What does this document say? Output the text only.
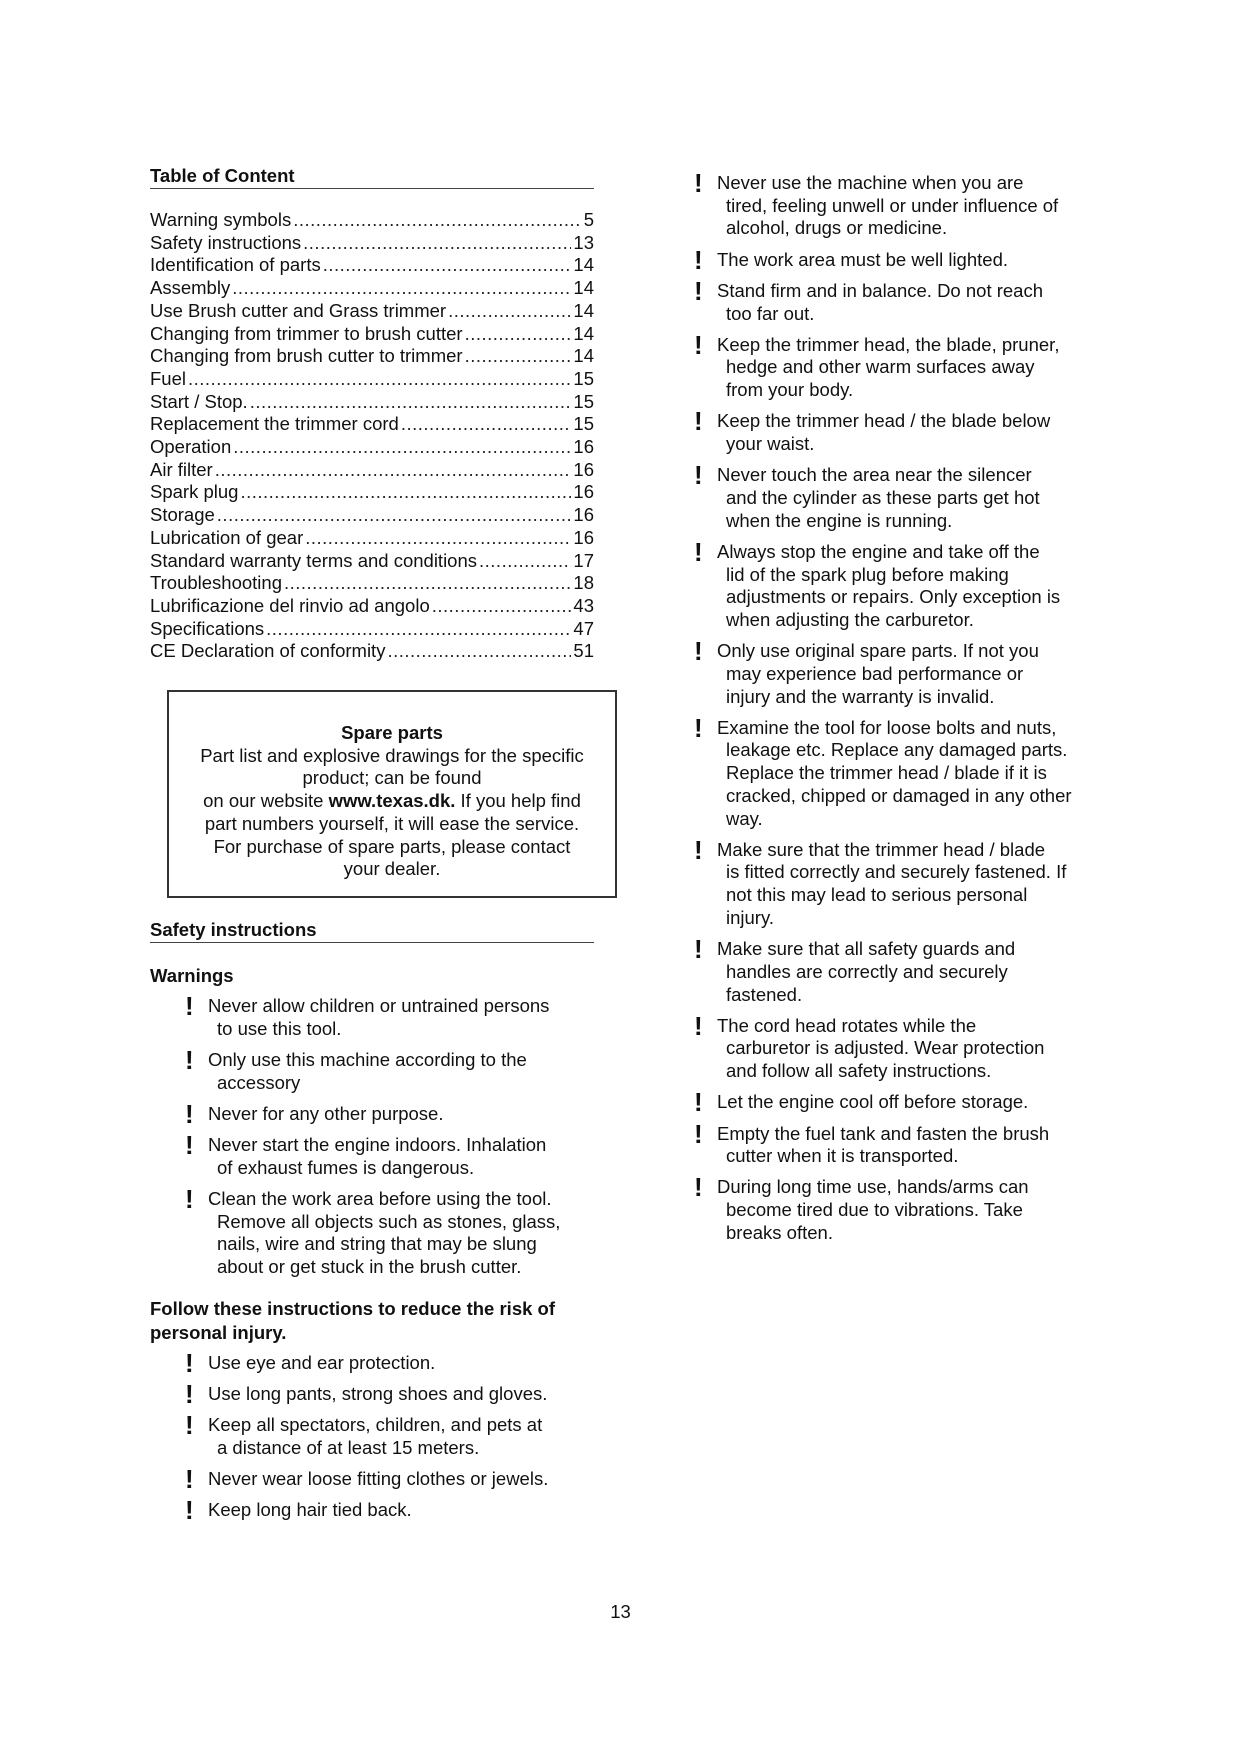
Table of Content
Warning symbols .....	5
Safety instructions .....	13
Identification of parts .....	14
Assembly .....	14
Use Brush cutter and Grass trimmer .....	14
Changing from trimmer to brush cutter .....	14
Changing from brush cutter to trimmer .....	14
Fuel .....	15
Start / Stop. .....	15
Replacement the trimmer cord .....	15
Operation .....	16
Air filter .....	16
Spark plug .....	16
Storage .....	16
Lubrication of gear .....	16
Standard warranty terms and conditions .....	17
Troubleshooting .....	18
Lubrificazione del rinvio ad angolo .....	43
Specifications .....	47
CE Declaration of conformity .....	51
Spare parts
Part list and explosive drawings for the specific
product; can be found
on our website www.texas.dk. If you help find
part numbers yourself, it will ease the service.
For purchase of spare parts, please contact
your dealer.
Safety instructions
Warnings
! Never allow children or untrained persons
to use this tool.
! Only use this machine according to the
accessory
! Never for any other purpose.
! Never start the engine indoors. Inhalation
of exhaust fumes is dangerous.
! Clean the work area before using the tool.
Remove all objects such as stones, glass,
nails, wire and string that may be slung
about or get stuck in the brush cutter.
Follow these instructions to reduce the risk of
personal injury.
! Use eye and ear protection.
! Use long pants, strong shoes and gloves.
! Keep all spectators, children, and pets at
a distance of at least 15 meters.
! Never wear loose fitting clothes or jewels.
! Keep long hair tied back.
! Never use the machine when you are
tired, feeling unwell or under influence of
alcohol, drugs or medicine.
! The work area must be well lighted.
! Stand firm and in balance. Do not reach
too far out.
! Keep the trimmer head, the blade, pruner,
hedge and other warm surfaces away
from your body.
! Keep the trimmer head / the blade below
your waist.
! Never touch the area near the silencer
and the cylinder as these parts get hot
when the engine is running.
! Always stop the engine and take off the
lid of the spark plug before making
adjustments or repairs. Only exception is
when adjusting the carburetor.
! Only use original spare parts. If not you
may experience bad performance or
injury and the warranty is invalid.
! Examine the tool for loose bolts and nuts,
leakage etc. Replace any damaged parts.
Replace the trimmer head / blade if it is
cracked, chipped or damaged in any other
way.
! Make sure that the trimmer head / blade
is fitted correctly and securely fastened. If
not this may lead to serious personal
injury.
! Make sure that all safety guards and
handles are correctly and securely
fastened.
! The cord head rotates while the
carburetor is adjusted. Wear protection
and follow all safety instructions.
! Let the engine cool off before storage.
! Empty the fuel tank and fasten the brush
cutter when it is transported.
! During long time use, hands/arms can
become tired due to vibrations. Take
breaks often.
13
